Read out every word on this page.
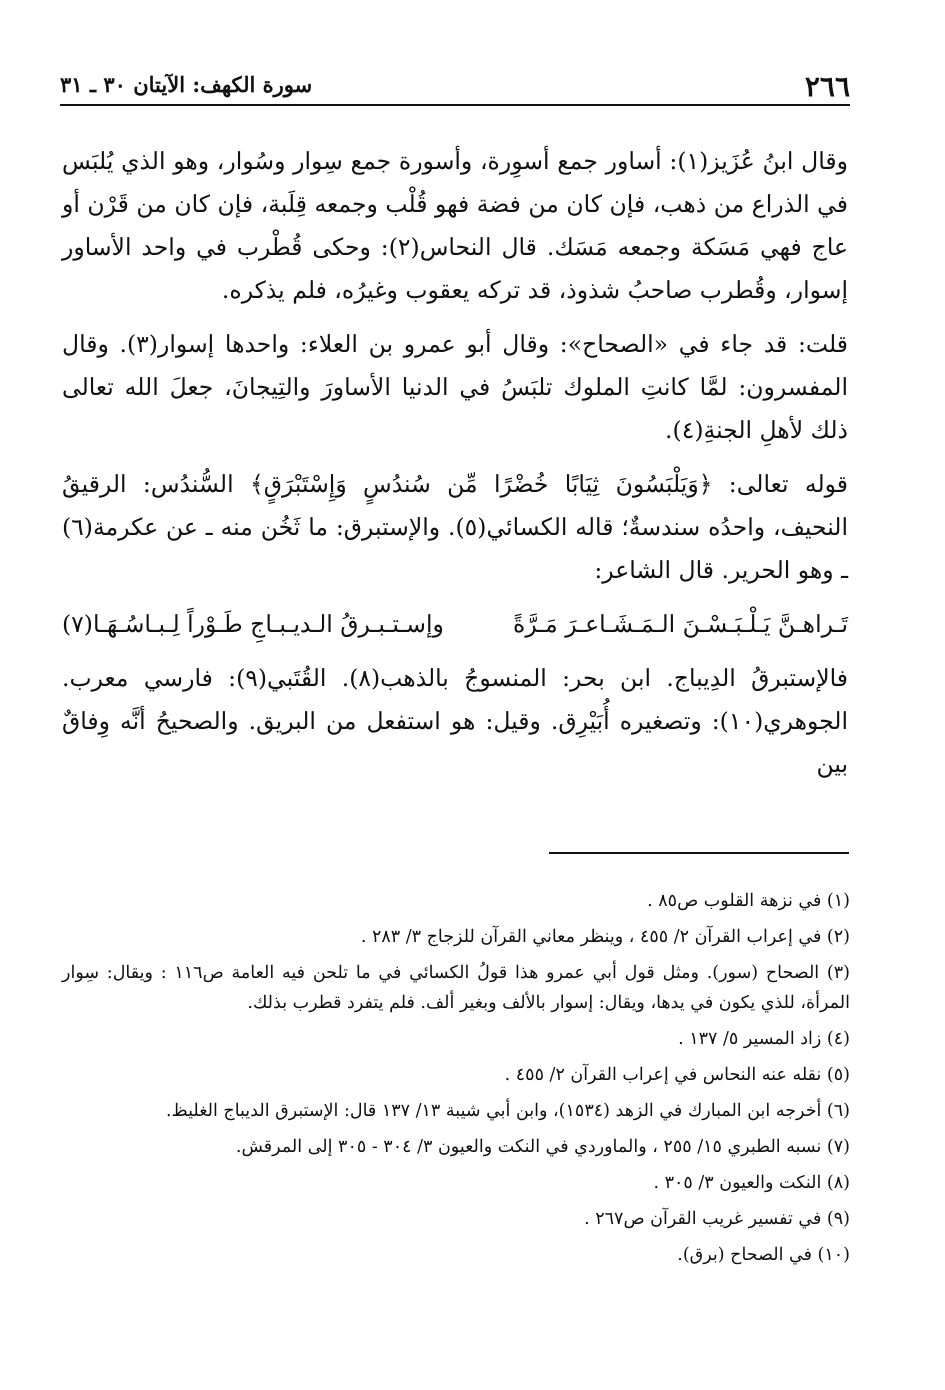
٢٦٦
سورة الكهف: الآيتان ٣٠ ـ ٣١

وقال ابنُ عُزَيز(١): أساور جمع أسوِرة، وأسورة جمع سِوار وسُوار، وهو الذي يُلبَس في الذراع من ذهب، فإن كان من فضة فهو قُلْب وجمعه قِلَبة، فإن كان من قَرْن أو عاج فهي مَسَكة وجمعه مَسَك. قال النحاس(٢): وحكى قُطْرب في واحد الأساور إسوار، وقُطرب صاحبُ شذوذ، قد تركه يعقوب وغيرُه، فلم يذكره.

قلت: قد جاء في «الصحاح»: وقال أبو عمرو بن العلاء: واحدها إسوار(٣). وقال المفسرون: لمَّا كانتِ الملوك تلبَسُ في الدنيا الأساورَ والتِيجانَ، جعلَ الله تعالى ذلك لأهلِ الجنةِ(٤).

قوله تعالى: ﴿وَيَلْبَسُونَ ثِيَابًا خُضْرًا مِّن سُندُسٍ وَإِسْتَبْرَقٍ﴾ السُّندُس: الرقيقُ النحيف، واحدُه سندسةٌ؛ قاله الكسائي(٥). والإستبرق: ما ثَخُن منه ـ عن عكرمة(٦) ـ وهو الحرير. قال الشاعر:

تَـراهـنَّ يَـلْـبَـسْـنَ الـمَـشَـاعـرَ مَـرَّةً
وإسـتـبـرقُ الـديـبـاجِ طَـوْراً لِـبـاسُـهَـا(٧)

فالإستبرقُ الدِيباج. ابن بحر: المنسوجُ بالذهب(٨). القُتَبي(٩): فارسي معرب. الجوهري(١٠): وتصغيره أُبَيْرِق. وقيل: هو استفعل من البريق. والصحيحُ أنَّه وِفاقٌ بين

(١) في نزهة القلوب ص٨٥ .
(٢) في إعراب القرآن ٢/ ٤٥٥ ، وينظر معاني القرآن للزجاج ٣/ ٢٨٣ .
(٣) الصحاح (سور). ومثل قول أبي عمرو هذا قولُ الكسائي في ما تلحن فيه العامة ص١١٦ : ويقال: سِوار المرأة، للذي يكون في يدها، ويقال: إسوار بالألف وبغير ألف. فلم يتفرد قطرب بذلك.
(٤) زاد المسير ٥/ ١٣٧ .
(٥) نقله عنه النحاس في إعراب القرآن ٢/ ٤٥٥ .
(٦) أخرجه ابن المبارك في الزهد (١٥٣٤)، وابن أبي شيبة ١٣/ ١٣٧ قال: الإستبرق الديباج الغليظ.
(٧) نسبه الطبري ١٥/ ٢٥٥ ، والماوردي في النكت والعيون ٣/ ٣٠٤ - ٣٠٥ إلى المرقش.
(٨) النكت والعيون ٣/ ٣٠٥ .
(٩) في تفسير غريب القرآن ص٢٦٧ .
(١٠) في الصحاح (برق).
